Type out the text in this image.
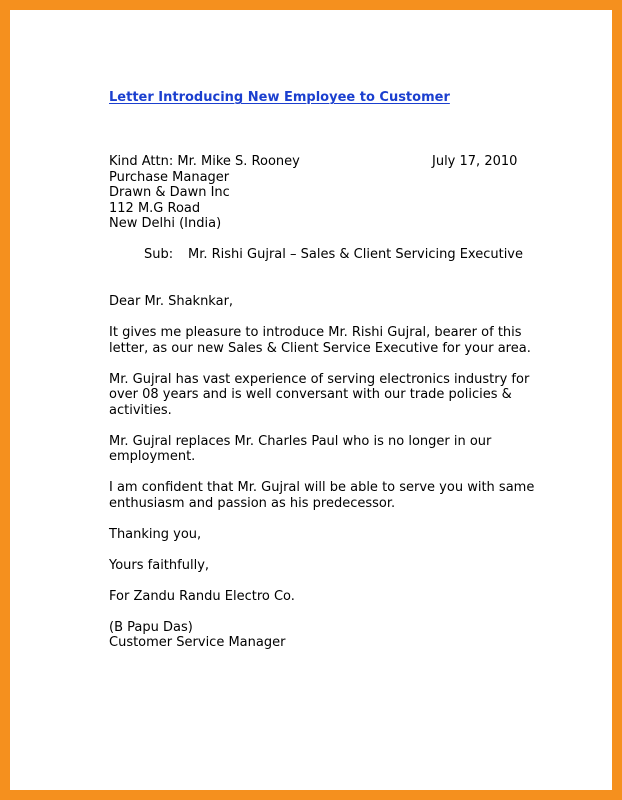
Letter Introducing New Employee to Customer

Kind Attn: Mr. Mike S. Rooney
Purchase Manager
Drawn & Dawn Inc
112 M.G Road
New Delhi (India)
July 17, 2010
Sub: Mr. Rishi Gujral – Sales & Client Servicing Executive

Dear Mr. Shaknkar,

It gives me pleasure to introduce Mr. Rishi Gujral, bearer of this letter, as our new Sales & Client Service Executive for your area.

Mr. Gujral has vast experience of serving electronics industry for over 08 years and is well conversant with our trade policies & activities.

Mr. Gujral replaces Mr. Charles Paul who is no longer in our employment.

I am confident that Mr. Gujral will be able to serve you with same enthusiasm and passion as his predecessor.

Thanking you,

Yours faithfully,

For Zandu Randu Electro Co.

(B Papu Das)
Customer Service Manager
